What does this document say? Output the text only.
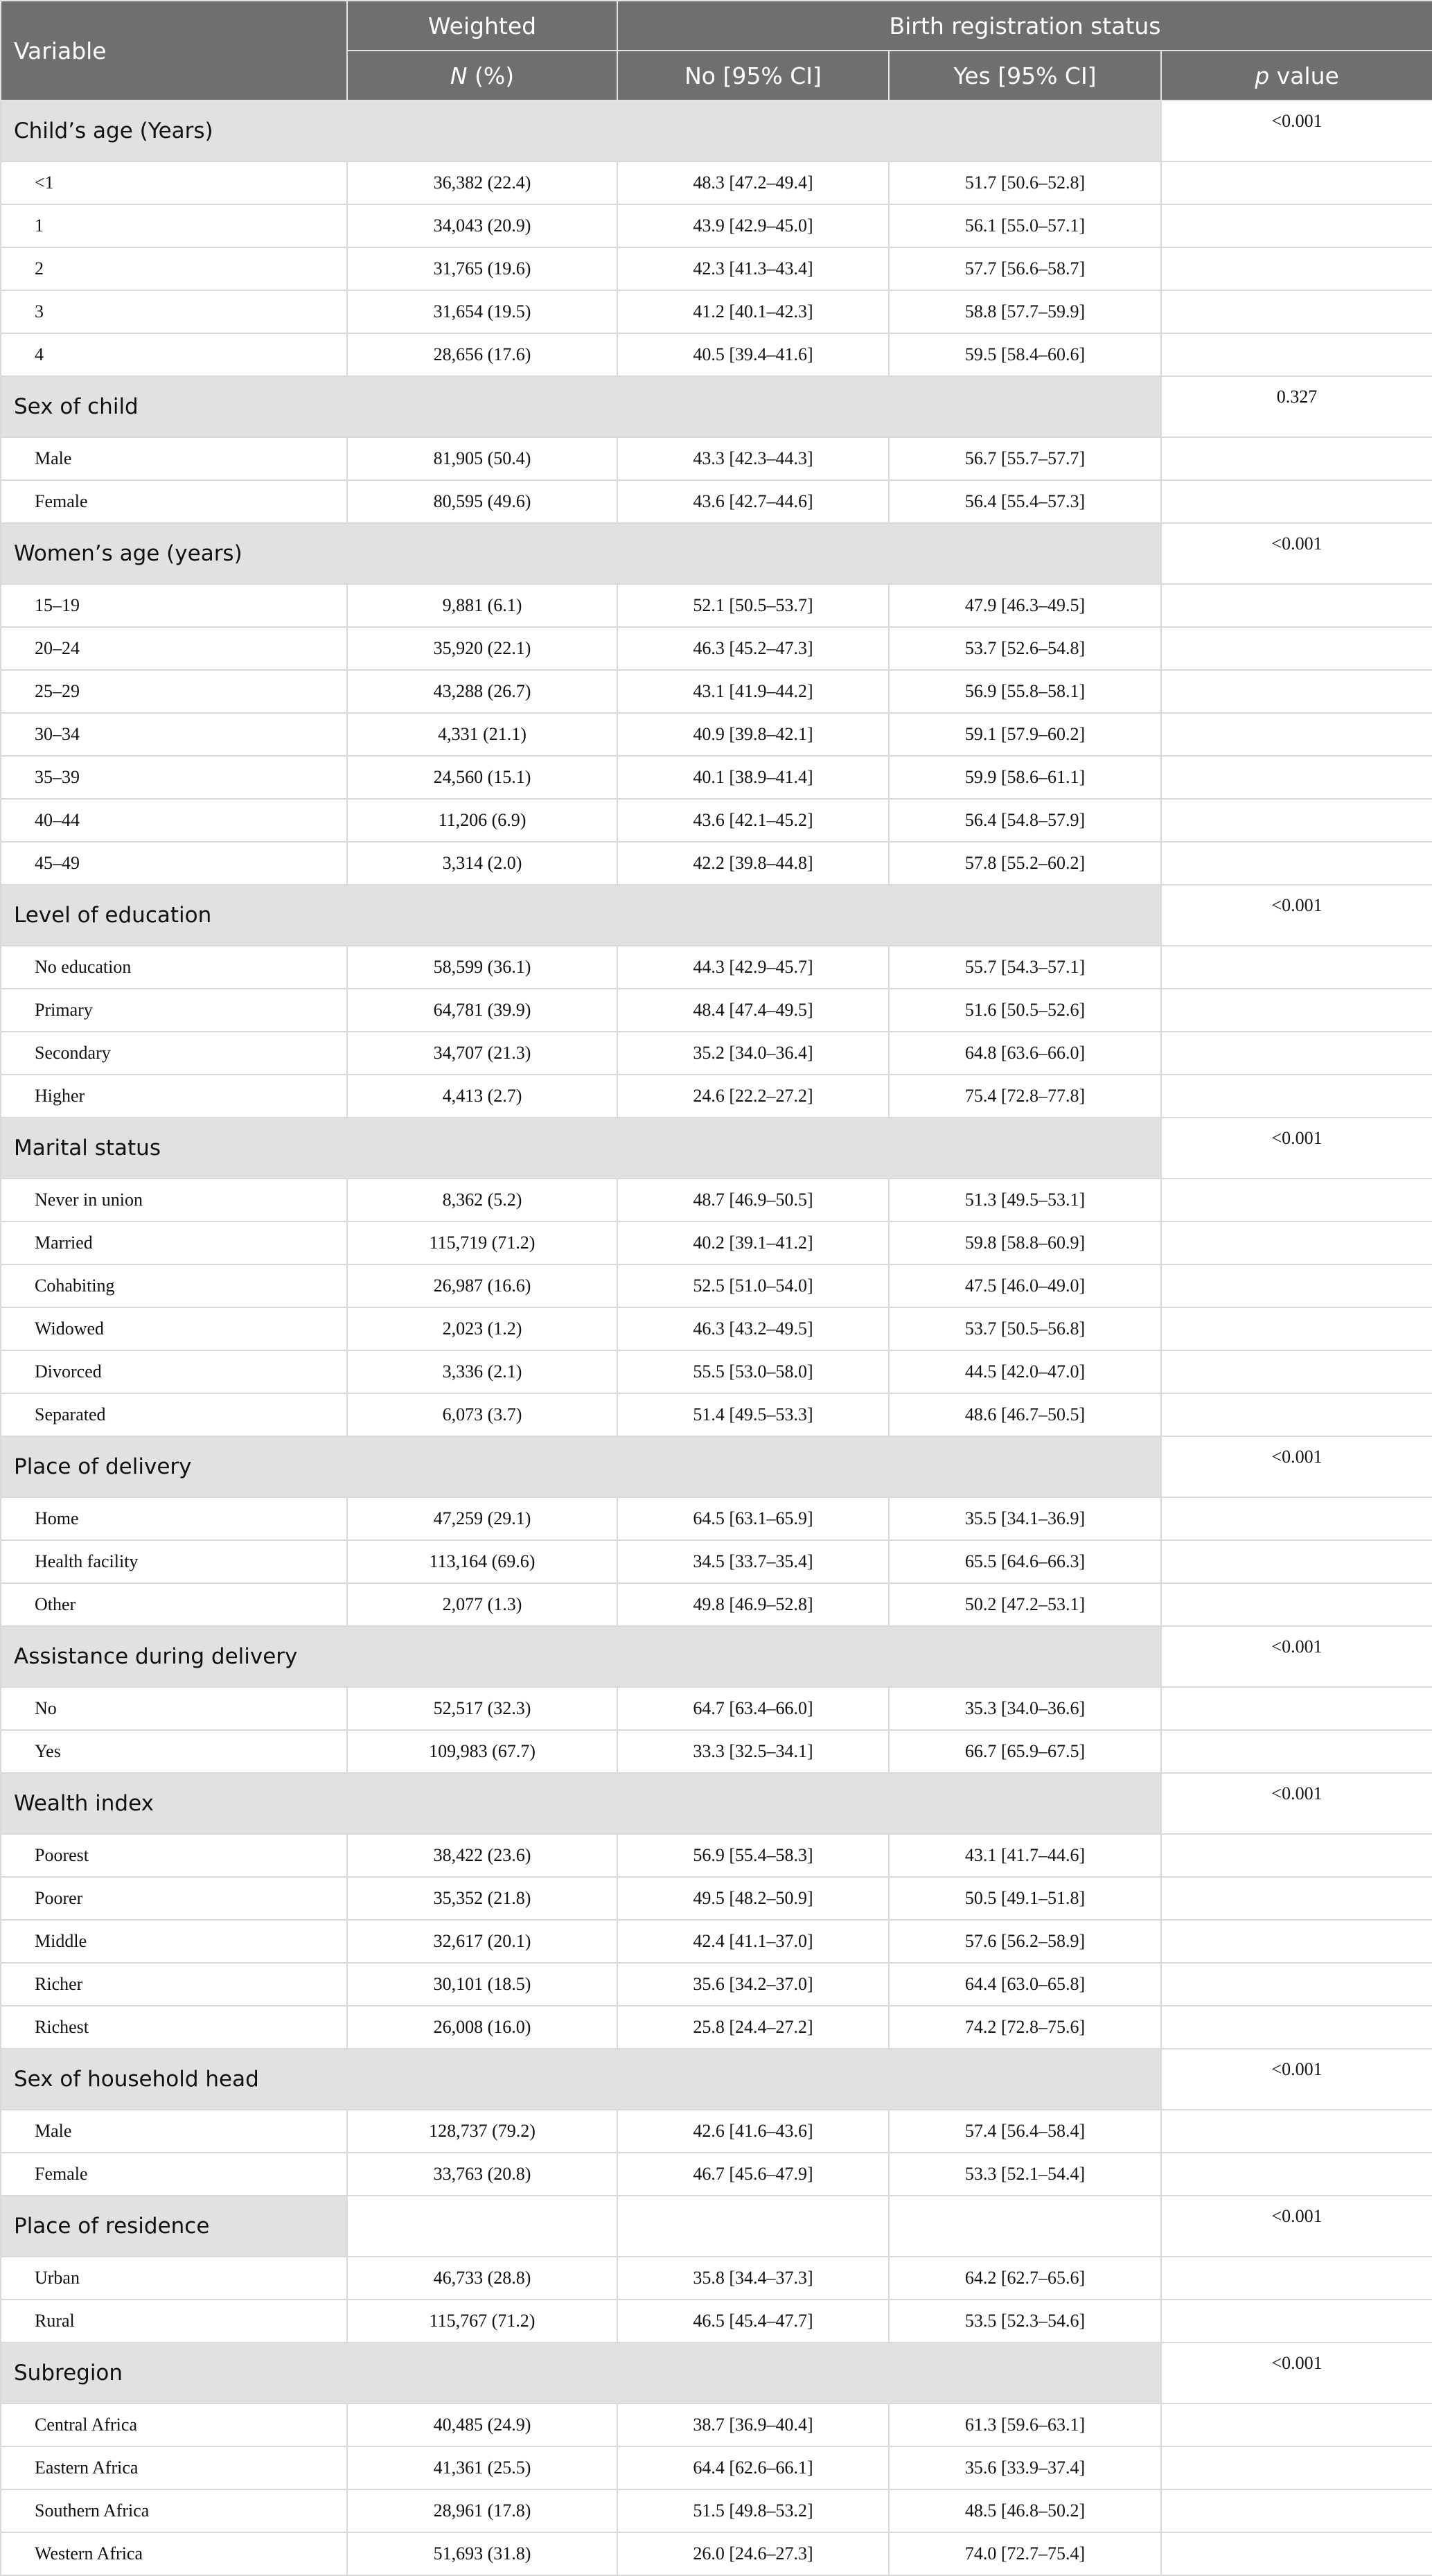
Variable	Weighted	Birth registration status		
	N (%)	No [95% CI]	Yes [95% CI]	p value
Child’s age (Years)				<0.001
<1	36,382 (22.4)	48.3 [47.2–49.4]	51.7 [50.6–52.8]	
1	34,043 (20.9)	43.9 [42.9–45.0]	56.1 [55.0–57.1]	
2	31,765 (19.6)	42.3 [41.3–43.4]	57.7 [56.6–58.7]	
3	31,654 (19.5)	41.2 [40.1–42.3]	58.8 [57.7–59.9]	
4	28,656 (17.6)	40.5 [39.4–41.6]	59.5 [58.4–60.6]	
Sex of child				0.327
Male	81,905 (50.4)	43.3 [42.3–44.3]	56.7 [55.7–57.7]	
Female	80,595 (49.6)	43.6 [42.7–44.6]	56.4 [55.4–57.3]	
Women’s age (years)				<0.001
15–19	9,881 (6.1)	52.1 [50.5–53.7]	47.9 [46.3–49.5]	
20–24	35,920 (22.1)	46.3 [45.2–47.3]	53.7 [52.6–54.8]	
25–29	43,288 (26.7)	43.1 [41.9–44.2]	56.9 [55.8–58.1]	
30–34	4,331 (21.1)	40.9 [39.8–42.1]	59.1 [57.9–60.2]	
35–39	24,560 (15.1)	40.1 [38.9–41.4]	59.9 [58.6–61.1]	
40–44	11,206 (6.9)	43.6 [42.1–45.2]	56.4 [54.8–57.9]	
45–49	3,314 (2.0)	42.2 [39.8–44.8]	57.8 [55.2–60.2]	
Level of education				<0.001
No education	58,599 (36.1)	44.3 [42.9–45.7]	55.7 [54.3–57.1]	
Primary	64,781 (39.9)	48.4 [47.4–49.5]	51.6 [50.5–52.6]	
Secondary	34,707 (21.3)	35.2 [34.0–36.4]	64.8 [63.6–66.0]	
Higher	4,413 (2.7)	24.6 [22.2–27.2]	75.4 [72.8–77.8]	
Marital status				<0.001
Never in union	8,362 (5.2)	48.7 [46.9–50.5]	51.3 [49.5–53.1]	
Married	115,719 (71.2)	40.2 [39.1–41.2]	59.8 [58.8–60.9]	
Cohabiting	26,987 (16.6)	52.5 [51.0–54.0]	47.5 [46.0–49.0]	
Widowed	2,023 (1.2)	46.3 [43.2–49.5]	53.7 [50.5–56.8]	
Divorced	3,336 (2.1)	55.5 [53.0–58.0]	44.5 [42.0–47.0]	
Separated	6,073 (3.7)	51.4 [49.5–53.3]	48.6 [46.7–50.5]	
Place of delivery				<0.001
Home	47,259 (29.1)	64.5 [63.1–65.9]	35.5 [34.1–36.9]	
Health facility	113,164 (69.6)	34.5 [33.7–35.4]	65.5 [64.6–66.3]	
Other	2,077 (1.3)	49.8 [46.9–52.8]	50.2 [47.2–53.1]	
Assistance during delivery				<0.001
No	52,517 (32.3)	64.7 [63.4–66.0]	35.3 [34.0–36.6]	
Yes	109,983 (67.7)	33.3 [32.5–34.1]	66.7 [65.9–67.5]	
Wealth index				<0.001
Poorest	38,422 (23.6)	56.9 [55.4–58.3]	43.1 [41.7–44.6]	
Poorer	35,352 (21.8)	49.5 [48.2–50.9]	50.5 [49.1–51.8]	
Middle	32,617 (20.1)	42.4 [41.1–37.0]	57.6 [56.2–58.9]	
Richer	30,101 (18.5)	35.6 [34.2–37.0]	64.4 [63.0–65.8]	
Richest	26,008 (16.0)	25.8 [24.4–27.2]	74.2 [72.8–75.6]	
Sex of household head				<0.001
Male	128,737 (79.2)	42.6 [41.6–43.6]	57.4 [56.4–58.4]	
Female	33,763 (20.8)	46.7 [45.6–47.9]	53.3 [52.1–54.4]	
Place of residence				<0.001
Urban	46,733 (28.8)	35.8 [34.4–37.3]	64.2 [62.7–65.6]	
Rural	115,767 (71.2)	46.5 [45.4–47.7]	53.5 [52.3–54.6]	
Subregion				<0.001
Central Africa	40,485 (24.9)	38.7 [36.9–40.4]	61.3 [59.6–63.1]	
Eastern Africa	41,361 (25.5)	64.4 [62.6–66.1]	35.6 [33.9–37.4]	
Southern Africa	28,961 (17.8)	51.5 [49.8–53.2]	48.5 [46.8–50.2]	
Western Africa	51,693 (31.8)	26.0 [24.6–27.3]	74.0 [72.7–75.4]	
